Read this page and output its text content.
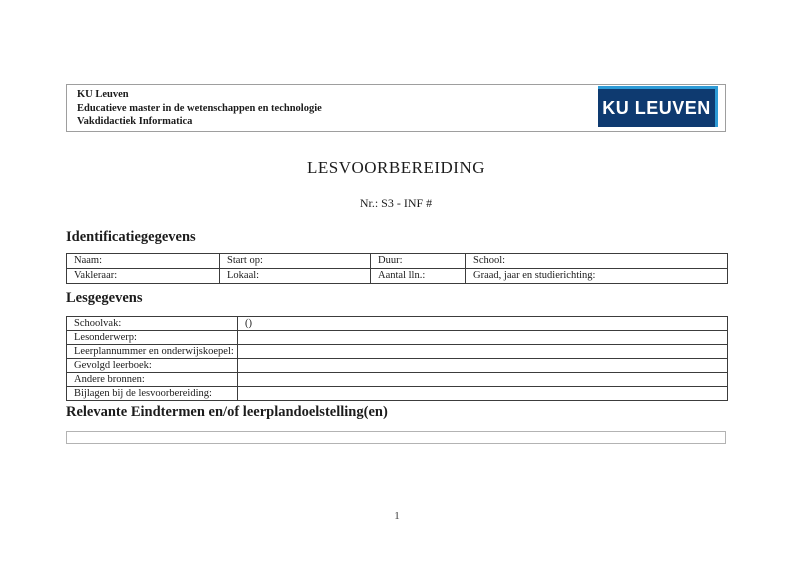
KU Leuven
Educatieve master in de wetenschappen en technologie
Vakdidactiek Informatica
KU LEUVEN
LESVOORBEREIDING
Nr.: S3 - INF #
Identificatiegegevens
Naam:	Start op:	Duur:	School:
Vakleraar:	Lokaal:	Aantal lln.:	Graad, jaar en studierichting:
Lesgegevens
Schoolvak:	()
Lesonderwerp:	
Leerplannummer en onderwijskoepel:	
Gevolgd leerboek:	
Andere bronnen:	
Bijlagen bij de lesvoorbereiding:	
Relevante Eindtermen en/of leerplandoelstelling(en)
1
